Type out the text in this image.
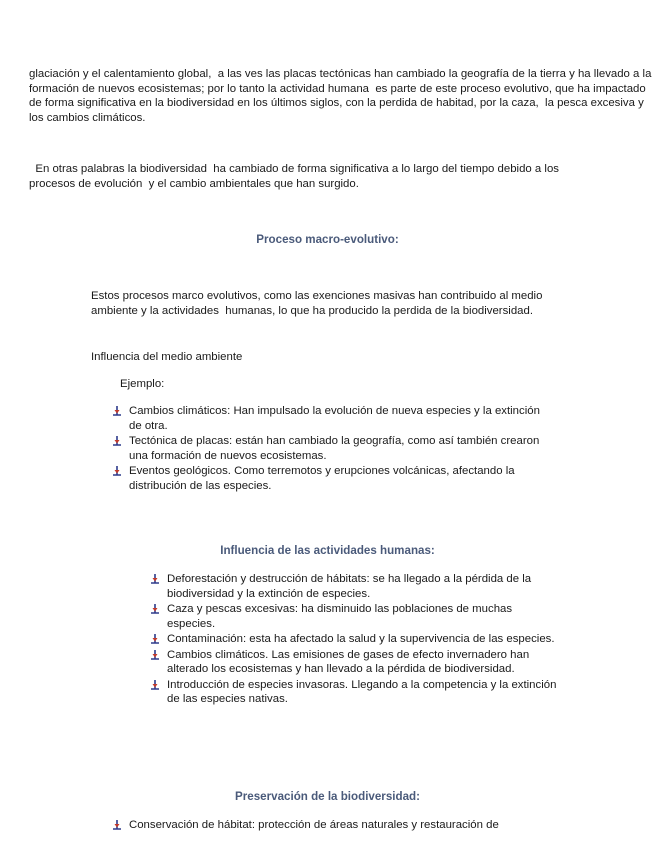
glaciación y el calentamiento global,  a las ves las placas tectónicas han cambiado la geografía de la tierra y ha llevado a la formación de nuevos ecosistemas; por lo tanto la actividad humana  es parte de este proceso evolutivo, que ha impactado  de forma significativa en la biodiversidad en los últimos siglos, con la perdida de habitad, por la caza,  la pesca excesiva y los cambios climáticos.

En otras palabras la biodiversidad  ha cambiado de forma significativa a lo largo del tiempo debido a los  procesos de evolución  y el cambio ambientales que han surgido.

Proceso macro-evolutivo:

Estos procesos marco evolutivos, como las exenciones masivas han contribuido al medio  ambiente y la actividades  humanas, lo que ha producido la perdida de la biodiversidad.

Influencia del medio ambiente
Ejemplo:
Cambios climáticos: Han impulsado la evolución de nueva especies y la extinción de otra.
Tectónica de placas: están han cambiado la geografía, como así también crearon una formación de nuevos ecosistemas.
Eventos geológicos. Como terremotos y erupciones volcánicas, afectando la distribución de las especies.
Influencia de las actividades humanas:
Deforestación y destrucción de hábitats: se ha llegado a la pérdida de la biodiversidad y la extinción de especies.
Caza y pescas excesivas: ha disminuido las poblaciones de muchas especies.
Contaminación: esta ha afectado la salud y la supervivencia de las especies.
Cambios climáticos. Las emisiones de gases de efecto invernadero han alterado los ecosistemas y han llevado a la pérdida de biodiversidad.
Introducción de especies invasoras. Llegando a la competencia y la extinción de las especies nativas.
Preservación de la biodiversidad:
Conservación de hábitat: protección de áreas naturales y restauración de
